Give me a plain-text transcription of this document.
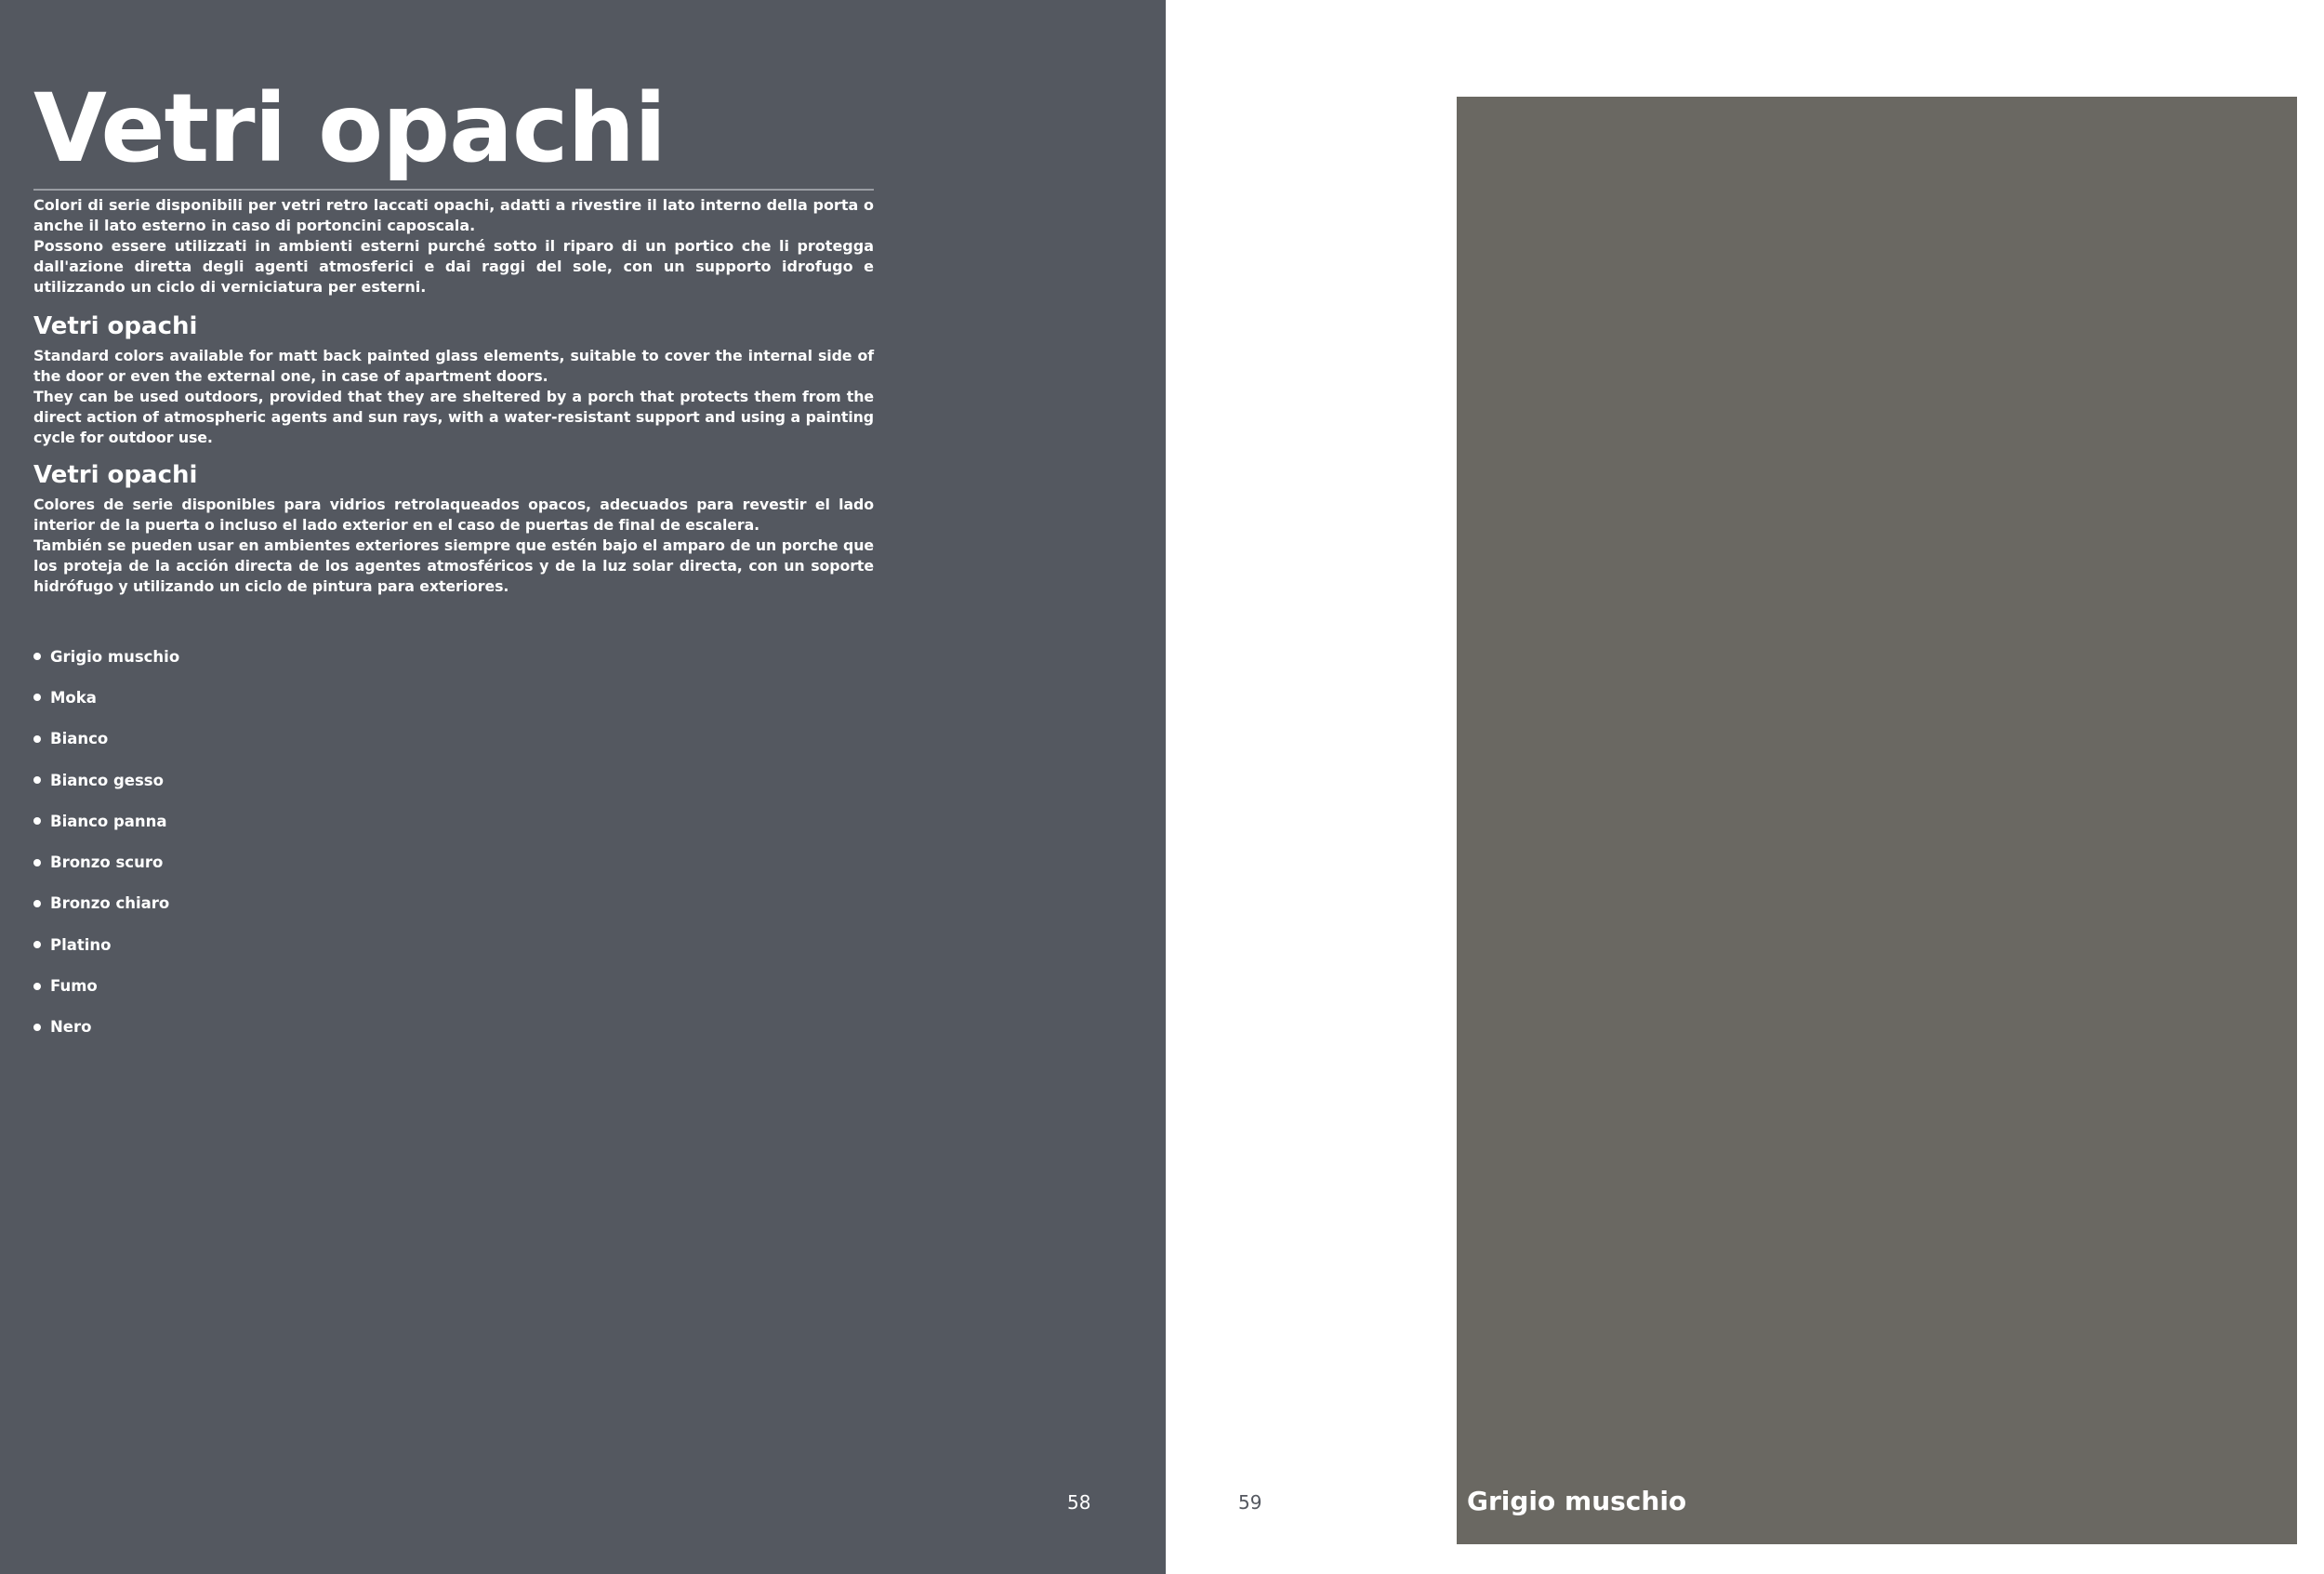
Vetri opachi

Colori di serie disponibili per vetri retro laccati opachi, adatti a rivestire il lato interno della porta o anche il lato esterno in caso di portoncini caposcala.

Possono essere utilizzati in ambienti esterni purché sotto il riparo di un portico che li protegga dall'azione diretta degli agenti atmosferici e dai raggi del sole, con un supporto idrofugo e utilizzando un ciclo di verniciatura per esterni.

Vetri opachi

Standard colors available for matt back painted glass elements, suitable to cover the internal side of the door or even the external one, in case of apartment doors.

They can be used outdoors, provided that they are sheltered by a porch that protects them from the direct action of atmospheric agents and sun rays, with a water-resistant support and using a painting cycle for outdoor use.

Vetri opachi

Colores de serie disponibles para vidrios retrolaqueados opacos, adecuados para revestir el lado interior de la puerta o incluso el lado exterior en el caso de puertas de final de escalera.

También se pueden usar en ambientes exteriores siempre que estén bajo el amparo de un porche que los proteja de la acción directa de los agentes atmosféricos y de la luz solar directa, con un soporte hidrófugo y utilizando un ciclo de pintura para exteriores.

Grigio muschio
Moka
Bianco
Bianco gesso
Bianco panna
Bronzo scuro
Bronzo chiaro
Platino
Fumo
Nero
58	59	Grigio muschio
